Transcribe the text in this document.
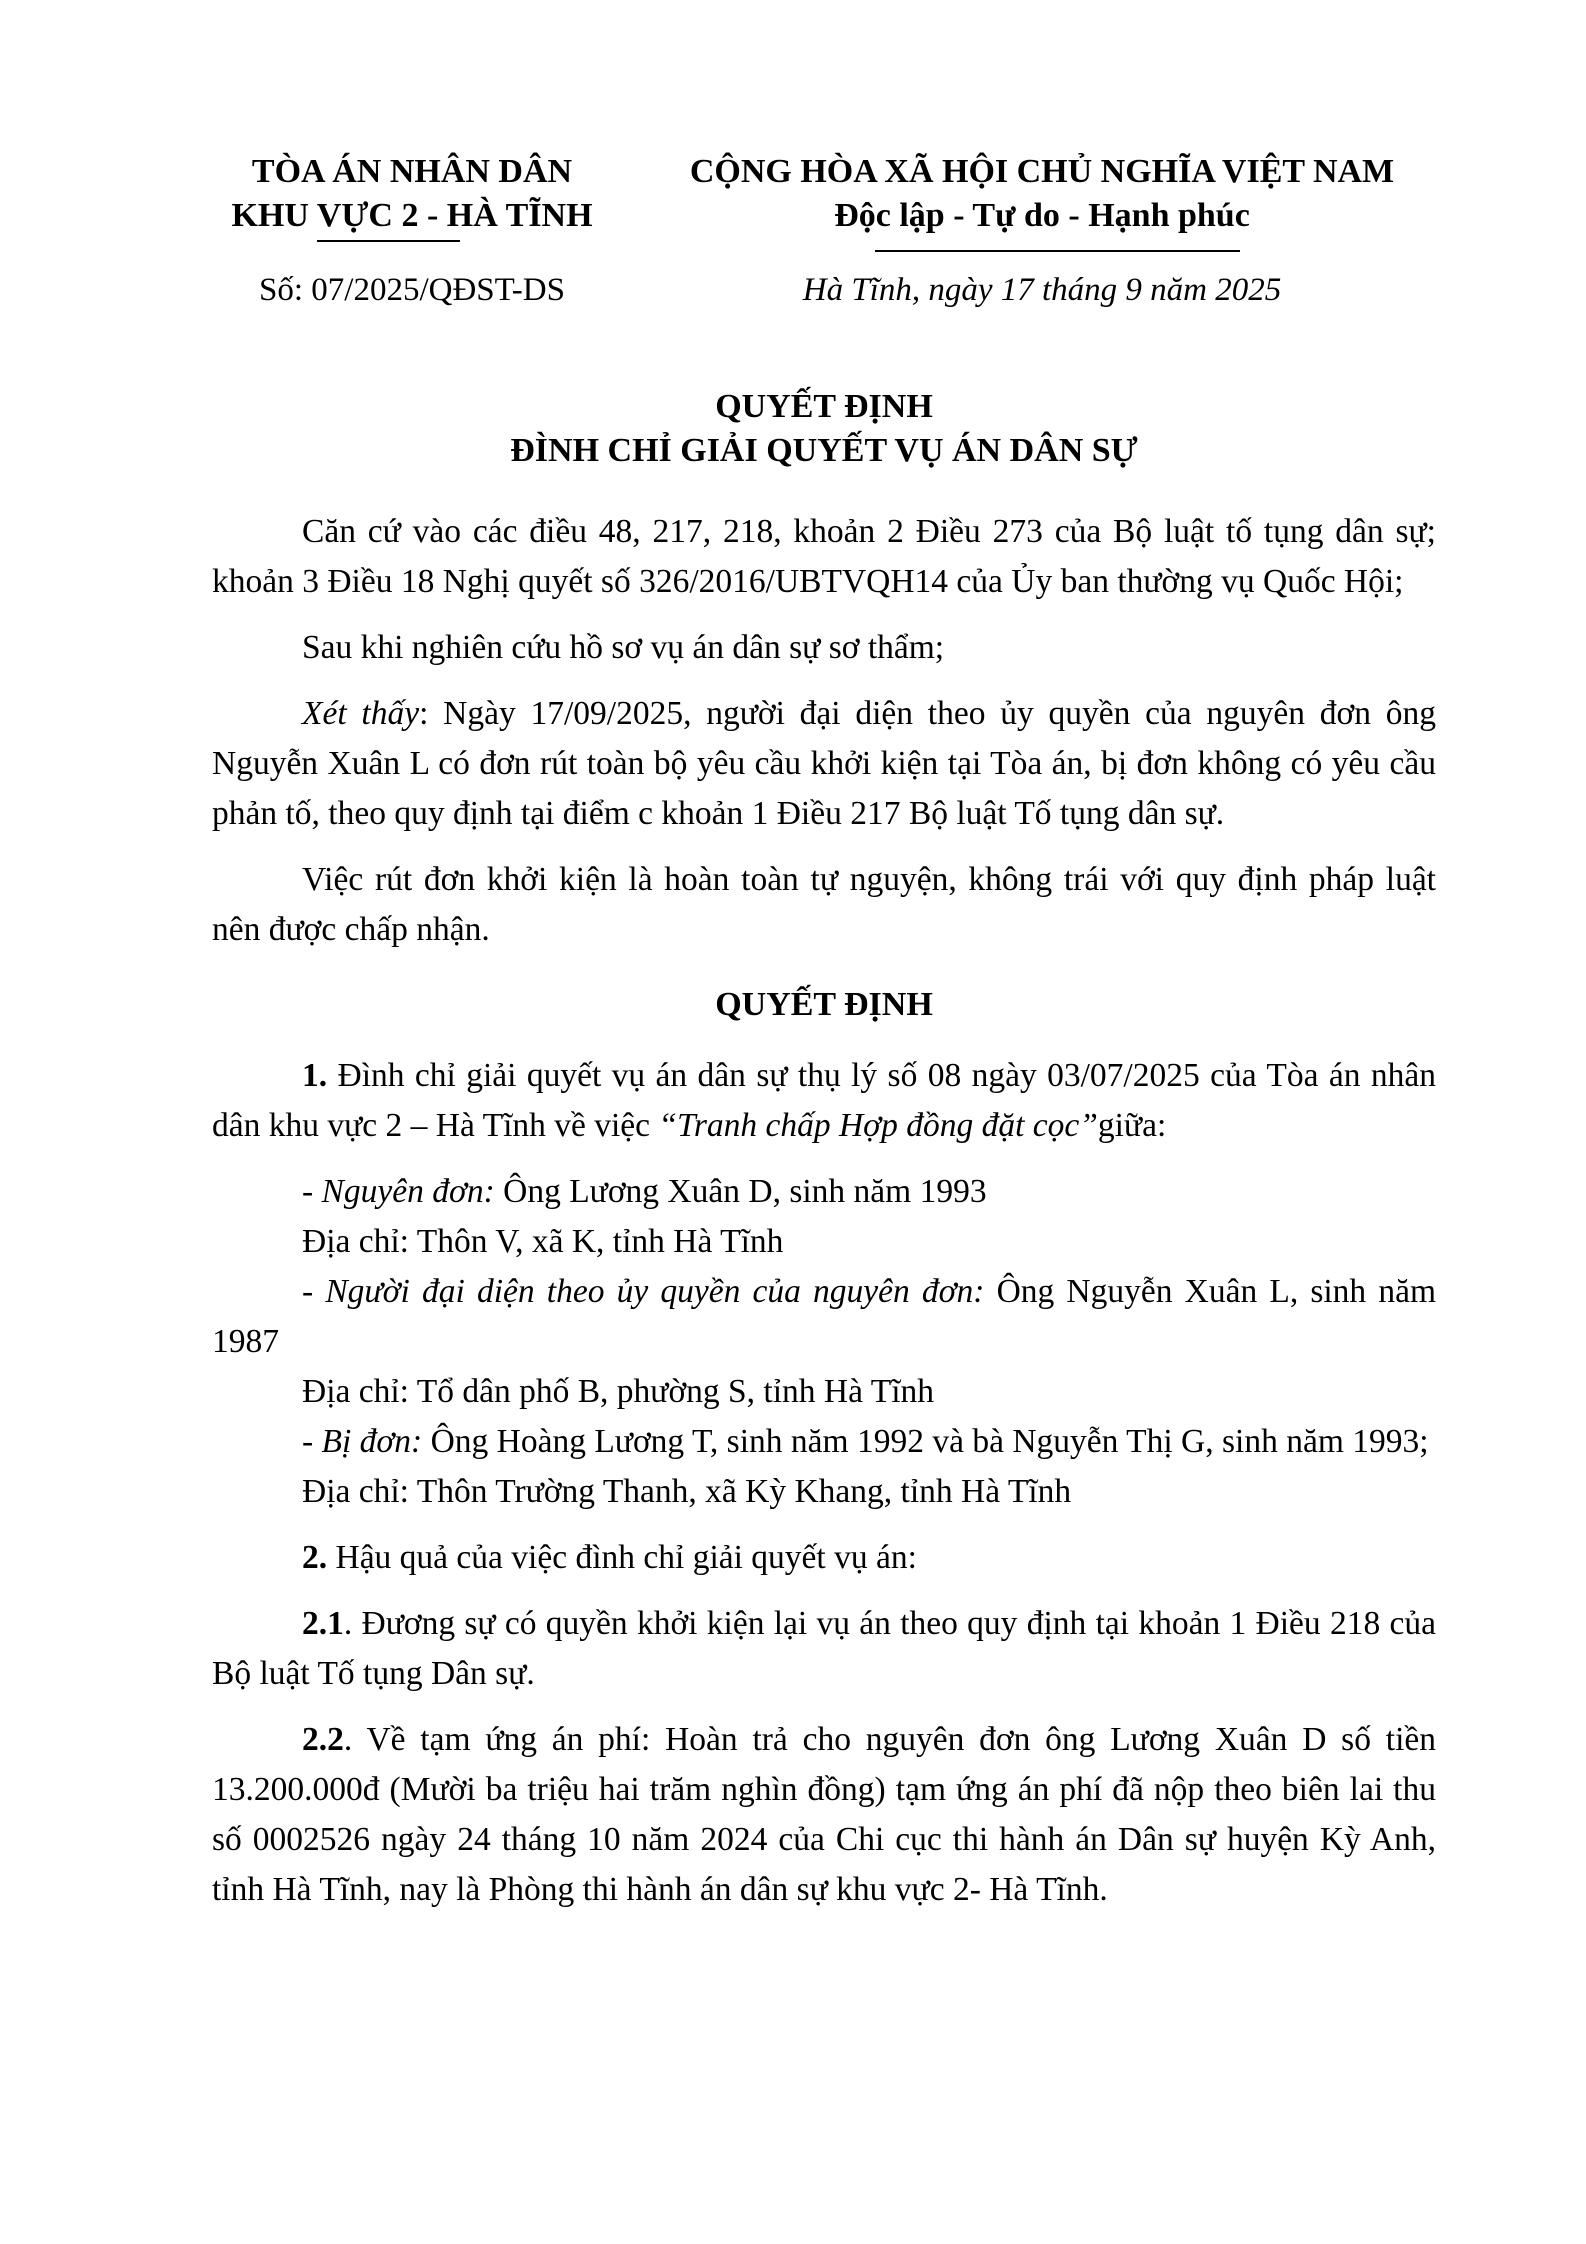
TÒA ÁN NHÂN DÂN
KHU VỰC 2 - HÀ TĨNH
CỘNG HÒA XÃ HỘI CHỦ NGHĨA VIỆT NAM
Độc lập - Tự do - Hạnh phúc
Số: 07/2025/QĐST-DS	Hà Tĩnh, ngày 17 tháng 9 năm 2025
QUYẾT ĐỊNH
ĐÌNH CHỈ GIẢI QUYẾT VỤ ÁN DÂN SỰ

Căn cứ vào các điều 48, 217, 218, khoản 2 Điều 273 của Bộ luật tố tụng dân sự; khoản 3 Điều 18 Nghị quyết số 326/2016/UBTVQH14 của Ủy ban thường vụ Quốc Hội;

Sau khi nghiên cứu hồ sơ vụ án dân sự sơ thẩm;

Xét thấy: Ngày 17/09/2025, người đại diện theo ủy quyền của nguyên đơn ông Nguyễn Xuân L có đơn rút toàn bộ yêu cầu khởi kiện tại Tòa án, bị đơn không có yêu cầu phản tố, theo quy định tại điểm c khoản 1 Điều 217 Bộ luật Tố tụng dân sự.

Việc rút đơn khởi kiện là hoàn toàn tự nguyện, không trái với quy định pháp luật nên được chấp nhận.

QUYẾT ĐỊNH

1. Đình chỉ giải quyết vụ án dân sự thụ lý số 08 ngày 03/07/2025 của Tòa án nhân dân khu vực 2 – Hà Tĩnh về việc “Tranh chấp Hợp đồng đặt cọc”giữa:

- Nguyên đơn: Ông Lương Xuân D, sinh năm 1993

Địa chỉ: Thôn V, xã K, tỉnh Hà Tĩnh

- Người đại diện theo ủy quyền của nguyên đơn: Ông Nguyễn Xuân L, sinh năm 1987

Địa chỉ: Tổ dân phố B, phường S, tỉnh Hà Tĩnh

- Bị đơn: Ông Hoàng Lương T, sinh năm 1992 và bà Nguyễn Thị G, sinh năm 1993;

Địa chỉ: Thôn Trường Thanh, xã Kỳ Khang, tỉnh Hà Tĩnh

2. Hậu quả của việc đình chỉ giải quyết vụ án:

2.1. Đương sự có quyền khởi kiện lại vụ án theo quy định tại khoản 1 Điều 218 của Bộ luật Tố tụng Dân sự.

2.2. Về tạm ứng án phí: Hoàn trả cho nguyên đơn ông Lương Xuân D số tiền 13.200.000đ (Mười ba triệu hai trăm nghìn đồng) tạm ứng án phí đã nộp theo biên lai thu số 0002526 ngày 24 tháng 10 năm 2024 của Chi cục thi hành án Dân sự huyện Kỳ Anh, tỉnh Hà Tĩnh, nay là Phòng thi hành án dân sự khu vực 2- Hà Tĩnh.
